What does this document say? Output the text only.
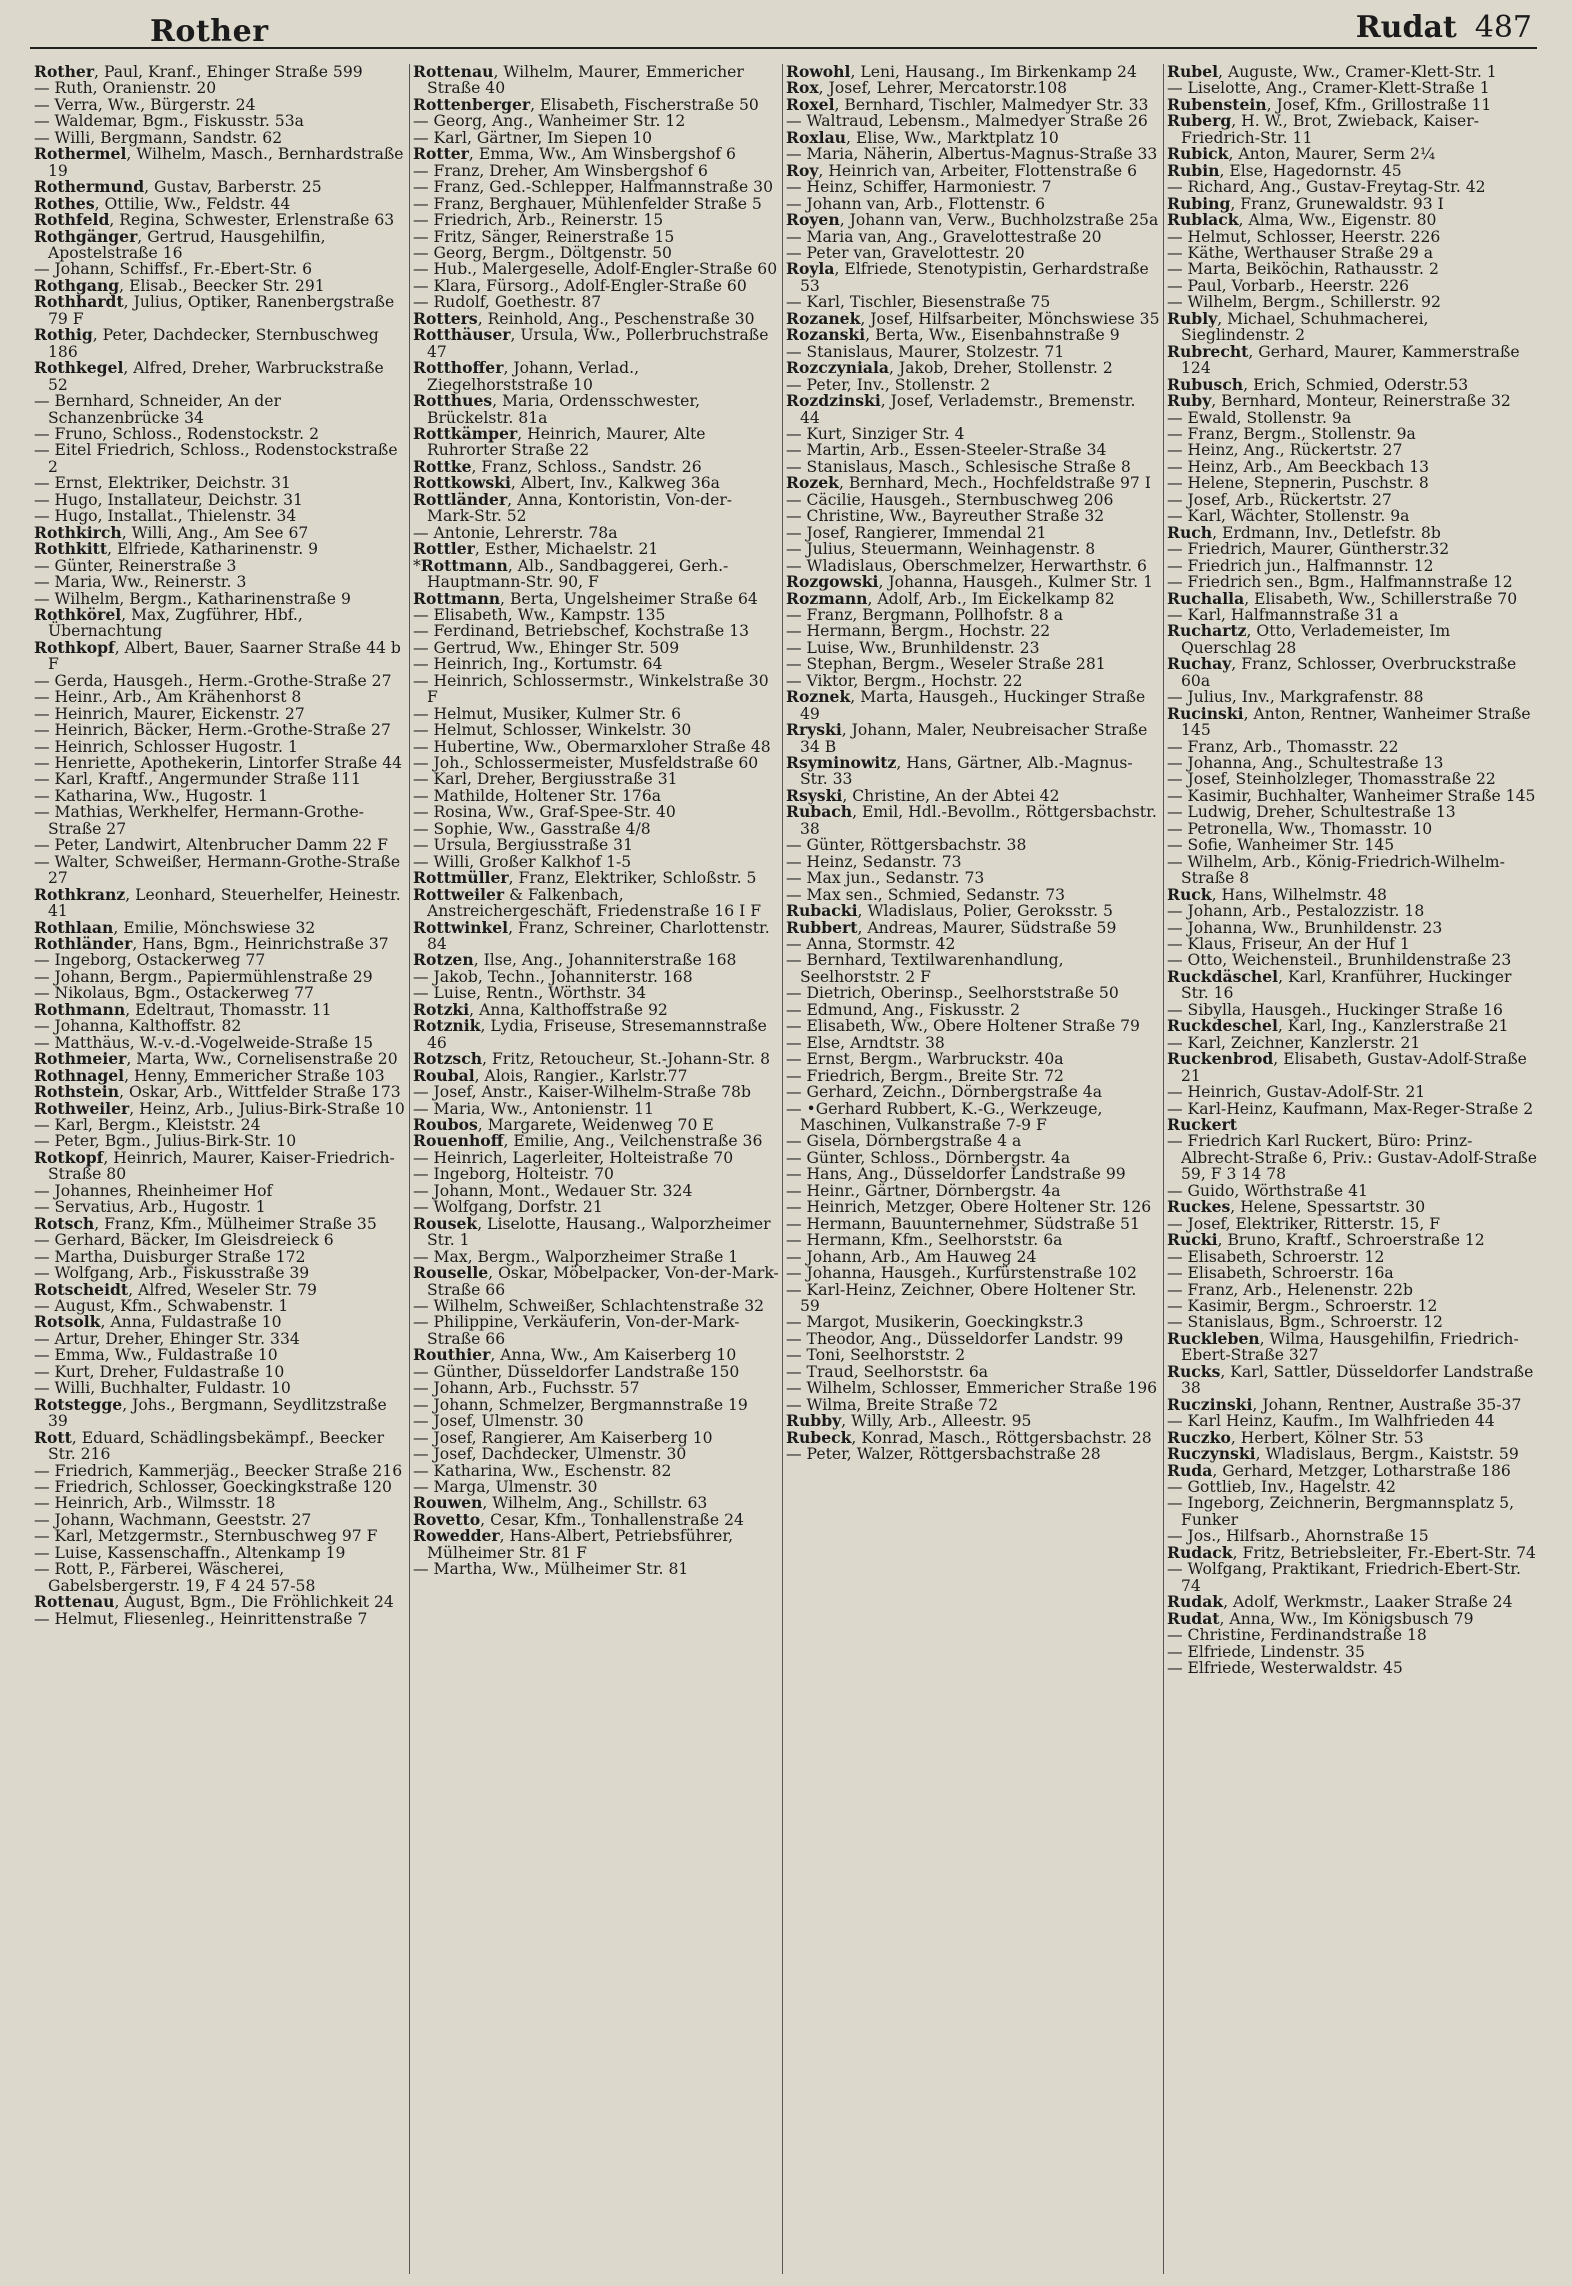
Rother	Rudat 487

Rother, Paul, Kranf., Ehinger Straße 599

— Ruth, Oranienstr. 20

— Verra, Ww., Bürgerstr. 24

— Waldemar, Bgm., Fiskusstr. 53a

— Willi, Bergmann, Sandstr. 62

Rothermel, Wilhelm, Masch., Bernhardstraße 19

Rothermund, Gustav, Barberstr. 25

Rothes, Ottilie, Ww., Feldstr. 44

Rothfeld, Regina, Schwester, Erlenstraße 63

Rothgänger, Gertrud, Hausgehilfin, Apostelstraße 16

— Johann, Schiffsf., Fr.-Ebert-Str. 6

Rothgang, Elisab., Beecker Str. 291

Rothhardt, Julius, Optiker, Ranenbergstraße 79 F

Rothig, Peter, Dachdecker, Sternbuschweg 186

Rothkegel, Alfred, Dreher, Warbruckstraße 52

— Bernhard, Schneider, An der Schanzenbrücke 34

— Fruno, Schloss., Rodenstockstr. 2

— Eitel Friedrich, Schloss., Rodenstockstraße 2

— Ernst, Elektriker, Deichstr. 31

— Hugo, Installateur, Deichstr. 31

— Hugo, Installat., Thielenstr. 34

Rothkirch, Willi, Ang., Am See 67

Rothkitt, Elfriede, Katharinenstr. 9

— Günter, Reinerstraße 3

— Maria, Ww., Reinerstr. 3

— Wilhelm, Bergm., Katharinenstraße 9

Rothkörel, Max, Zugführer, Hbf., Übernachtung

Rothkopf, Albert, Bauer, Saarner Straße 44 b F

— Gerda, Hausgeh., Herm.-Grothe-Straße 27

— Heinr., Arb., Am Krähenhorst 8

— Heinrich, Maurer, Eickenstr. 27

— Heinrich, Bäcker, Herm.-Grothe-Straße 27

— Heinrich, Schlosser Hugostr. 1

— Henriette, Apothekerin, Lintorfer Straße 44

— Karl, Kraftf., Angermunder Straße 111

— Katharina, Ww., Hugostr. 1

— Mathias, Werkhelfer, Hermann-Grothe-Straße 27

— Peter, Landwirt, Altenbrucher Damm 22 F

— Walter, Schweißer, Hermann-Grothe-Straße 27

Rothkranz, Leonhard, Steuerhelfer, Heinestr. 41

Rothlaan, Emilie, Mönchswiese 32

Rothländer, Hans, Bgm., Heinrichstraße 37

— Ingeborg, Ostackerweg 77

— Johann, Bergm., Papiermühlenstraße 29

— Nikolaus, Bgm., Ostackerweg 77

Rothmann, Edeltraut, Thomasstr. 11

— Johanna, Kalthoffstr. 82

— Matthäus, W.-v.-d.-Vogelweide-Straße 15

Rothmeier, Marta, Ww., Cornelisenstraße 20

Rothnagel, Henny, Emmericher Straße 103

Rothstein, Oskar, Arb., Wittfelder Straße 173

Rothweiler, Heinz, Arb., Julius-Birk-Straße 10

— Karl, Bergm., Kleiststr. 24

— Peter, Bgm., Julius-Birk-Str. 10

Rotkopf, Heinrich, Maurer, Kaiser-Friedrich-Straße 80

— Johannes, Rheinheimer Hof

— Servatius, Arb., Hugostr. 1

Rotsch, Franz, Kfm., Mülheimer Straße 35

— Gerhard, Bäcker, Im Gleisdreieck 6

— Martha, Duisburger Straße 172

— Wolfgang, Arb., Fiskusstraße 39

Rotscheidt, Alfred, Weseler Str. 79

— August, Kfm., Schwabenstr. 1

Rotsolk, Anna, Fuldastraße 10

— Artur, Dreher, Ehinger Str. 334

— Emma, Ww., Fuldastraße 10

— Kurt, Dreher, Fuldastraße 10

— Willi, Buchhalter, Fuldastr. 10

Rotstegge, Johs., Bergmann, Seydlitzstraße 39

Rott, Eduard, Schädlingsbekämpf., Beecker Str. 216

— Friedrich, Kammerjäg., Beecker Straße 216

— Friedrich, Schlosser, Goeckingkstraße 120

— Heinrich, Arb., Wilmsstr. 18

— Johann, Wachmann, Geeststr. 27

— Karl, Metzgermstr., Sternbuschweg 97 F

— Luise, Kassenschaffn., Altenkamp 19

— Rott, P., Färberei, Wäscherei, Gabelsbergerstr. 19, F 4 24 57-58

Rottenau, August, Bgm., Die Fröhlichkeit 24

— Helmut, Fliesenleg., Heinrittenstraße 7

Rottenau, Wilhelm, Maurer, Emmericher Straße 40

Rottenberger, Elisabeth, Fischerstraße 50

— Georg, Ang., Wanheimer Str. 12

— Karl, Gärtner, Im Siepen 10

Rotter, Emma, Ww., Am Winsbergshof 6

— Franz, Dreher, Am Winsbergshof 6

— Franz, Ged.-Schlepper, Halfmannstraße 30

— Franz, Berghauer, Mühlenfelder Straße 5

— Friedrich, Arb., Reinerstr. 15

— Fritz, Sänger, Reinerstraße 15

— Georg, Bergm., Döltgenstr. 50

— Hub., Malergeselle, Adolf-Engler-Straße 60

— Klara, Fürsorg., Adolf-Engler-Straße 60

— Rudolf, Goethestr. 87

Rotters, Reinhold, Ang., Peschenstraße 30

Rotthäuser, Ursula, Ww., Pollerbruchstraße 47

Rotthoffer, Johann, Verlad., Ziegelhorststraße 10

Rotthues, Maria, Ordensschwester, Brückelstr. 81a

Rottkämper, Heinrich, Maurer, Alte Ruhrorter Straße 22

Rottke, Franz, Schloss., Sandstr. 26

Rottkowski, Albert, Inv., Kalkweg 36a

Rottländer, Anna, Kontoristin, Von-der-Mark-Str. 52

— Antonie, Lehrerstr. 78a

Rottler, Esther, Michaelstr. 21

*Rottmann, Alb., Sandbaggerei, Gerh.-Hauptmann-Str. 90, F

Rottmann, Berta, Ungelsheimer Straße 64

— Elisabeth, Ww., Kampstr. 135

— Ferdinand, Betriebschef, Kochstraße 13

— Gertrud, Ww., Ehinger Str. 509

— Heinrich, Ing., Kortumstr. 64

— Heinrich, Schlossermstr., Winkelstraße 30 F

— Helmut, Musiker, Kulmer Str. 6

— Helmut, Schlosser, Winkelstr. 30

— Hubertine, Ww., Obermarxloher Straße 48

— Joh., Schlossermeister, Musfeldstraße 60

— Karl, Dreher, Bergiusstraße 31

— Mathilde, Holtener Str. 176a

— Rosina, Ww., Graf-Spee-Str. 40

— Sophie, Ww., Gasstraße 4/8

— Ursula, Bergiusstraße 31

— Willi, Großer Kalkhof 1-5

Rottmüller, Franz, Elektriker, Schloßstr. 5

Rottweiler & Falkenbach, Anstreichergeschäft, Friedenstraße 16 I F

Rottwinkel, Franz, Schreiner, Charlottenstr. 84

Rotzen, Ilse, Ang., Johanniterstraße 168

— Jakob, Techn., Johanniterstr. 168

— Luise, Rentn., Wörthstr. 34

Rotzki, Anna, Kalthoffstraße 92

Rotznik, Lydia, Friseuse, Stresemannstraße 46

Rotzsch, Fritz, Retoucheur, St.-Johann-Str. 8

Roubal, Alois, Rangier., Karlstr.77

— Josef, Anstr., Kaiser-Wilhelm-Straße 78b

— Maria, Ww., Antonienstr. 11

Roubos, Margarete, Weidenweg 70 E

Rouenhoff, Emilie, Ang., Veilchenstraße 36

— Heinrich, Lagerleiter, Holteistraße 70

— Ingeborg, Holteistr. 70

— Johann, Mont., Wedauer Str. 324

— Wolfgang, Dorfstr. 21

Rousek, Liselotte, Hausang., Walporzheimer Str. 1

— Max, Bergm., Walporzheimer Straße 1

Rouselle, Oskar, Möbelpacker, Von-der-Mark-Straße 66

— Wilhelm, Schweißer, Schlachtenstraße 32

— Philippine, Verkäuferin, Von-der-Mark-Straße 66

Routhier, Anna, Ww., Am Kaiserberg 10

— Günther, Düsseldorfer Landstraße 150

— Johann, Arb., Fuchsstr. 57

— Johann, Schmelzer, Bergmannstraße 19

— Josef, Ulmenstr. 30

— Josef, Rangierer, Am Kaiserberg 10

— Josef, Dachdecker, Ulmenstr. 30

— Katharina, Ww., Eschenstr. 82

— Marga, Ulmenstr. 30

Rouwen, Wilhelm, Ang., Schillstr. 63

Rovetto, Cesar, Kfm., Tonhallenstraße 24

Rowedder, Hans-Albert, Petriebsführer, Mülheimer Str. 81 F

— Martha, Ww., Mülheimer Str. 81

Rowohl, Leni, Hausang., Im Birkenkamp 24

Rox, Josef, Lehrer, Mercatorstr.108

Roxel, Bernhard, Tischler, Malmedyer Str. 33

— Waltraud, Lebensm., Malmedyer Straße 26

Roxlau, Elise, Ww., Marktplatz 10

— Maria, Näherin, Albertus-Magnus-Straße 33

Roy, Heinrich van, Arbeiter, Flottenstraße 6

— Heinz, Schiffer, Harmoniestr. 7

— Johann van, Arb., Flottenstr. 6

Royen, Johann van, Verw., Buchholzstraße 25a

— Maria van, Ang., Gravelottestraße 20

— Peter van, Gravelottestr. 20

Royla, Elfriede, Stenotypistin, Gerhardstraße 53

— Karl, Tischler, Biesenstraße 75

Rozanek, Josef, Hilfsarbeiter, Mönchswiese 35

Rozanski, Berta, Ww., Eisenbahnstraße 9

— Stanislaus, Maurer, Stolzestr. 71

Rozczyniala, Jakob, Dreher, Stollenstr. 2

— Peter, Inv., Stollenstr. 2

Rozdzinski, Josef, Verlademstr., Bremenstr. 44

— Kurt, Sinziger Str. 4

— Martin, Arb., Essen-Steeler-Straße 34

— Stanislaus, Masch., Schlesische Straße 8

Rozek, Bernhard, Mech., Hochfeldstraße 97 I

— Cäcilie, Hausgeh., Sternbuschweg 206

— Christine, Ww., Bayreuther Straße 32

— Josef, Rangierer, Immendal 21

— Julius, Steuermann, Weinhagenstr. 8

— Wladislaus, Oberschmelzer, Herwarthstr. 6

Rozgowski, Johanna, Hausgeh., Kulmer Str. 1

Rozmann, Adolf, Arb., Im Eickelkamp 82

— Franz, Bergmann, Pollhofstr. 8 a

— Hermann, Bergm., Hochstr. 22

— Luise, Ww., Brunhildenstr. 23

— Stephan, Bergm., Weseler Straße 281

— Viktor, Bergm., Hochstr. 22

Roznek, Marta, Hausgeh., Huckinger Straße 49

Rryski, Johann, Maler, Neubreisacher Straße 34 B

Rsyminowitz, Hans, Gärtner, Alb.-Magnus-Str. 33

Rsyski, Christine, An der Abtei 42

Rubach, Emil, Hdl.-Bevollm., Röttgersbachstr. 38

— Günter, Röttgersbachstr. 38

— Heinz, Sedanstr. 73

— Max jun., Sedanstr. 73

— Max sen., Schmied, Sedanstr. 73

Rubacki, Wladislaus, Polier, Geroksstr. 5

Rubbert, Andreas, Maurer, Südstraße 59

— Anna, Stormstr. 42

— Bernhard, Textilwarenhandlung, Seelhorststr. 2 F

— Dietrich, Oberinsp., Seelhorststraße 50

— Edmund, Ang., Fiskusstr. 2

— Elisabeth, Ww., Obere Holtener Straße 79

— Else, Arndtstr. 38

— Ernst, Bergm., Warbruckstr. 40a

— Friedrich, Bergm., Breite Str. 72

— Gerhard, Zeichn., Dörnbergstraße 4a

— •Gerhard Rubbert, K.-G., Werkzeuge, Maschinen, Vulkanstraße 7-9 F

— Gisela, Dörnbergstraße 4 a

— Günter, Schloss., Dörnbergstr. 4a

— Hans, Ang., Düsseldorfer Landstraße 99

— Heinr., Gärtner, Dörnbergstr. 4a

— Heinrich, Metzger, Obere Holtener Str. 126

— Hermann, Bauunternehmer, Südstraße 51

— Hermann, Kfm., Seelhorststr. 6a

— Johann, Arb., Am Hauweg 24

— Johanna, Hausgeh., Kurfürstenstraße 102

— Karl-Heinz, Zeichner, Obere Holtener Str. 59

— Margot, Musikerin, Goeckingkstr.3

— Theodor, Ang., Düsseldorfer Landstr. 99

— Toni, Seelhorststr. 2

— Traud, Seelhorststr. 6a

— Wilhelm, Schlosser, Emmericher Straße 196

— Wilma, Breite Straße 72

Rubby, Willy, Arb., Alleestr. 95

Rubeck, Konrad, Masch., Röttgersbachstr. 28

— Peter, Walzer, Röttgersbachstraße 28

Rubel, Auguste, Ww., Cramer-Klett-Str. 1

— Liselotte, Ang., Cramer-Klett-Straße 1

Rubenstein, Josef, Kfm., Grillostraße 11

Ruberg, H. W., Brot, Zwieback, Kaiser-Friedrich-Str. 11

Rubick, Anton, Maurer, Serm 2¼

Rubin, Else, Hagedornstr. 45

— Richard, Ang., Gustav-Freytag-Str. 42

Rubing, Franz, Grunewaldstr. 93 I

Rublack, Alma, Ww., Eigenstr. 80

— Helmut, Schlosser, Heerstr. 226

— Käthe, Werthauser Straße 29 a

— Marta, Beiköchin, Rathausstr. 2

— Paul, Vorbarb., Heerstr. 226

— Wilhelm, Bergm., Schillerstr. 92

Rubly, Michael, Schuhmacherei, Sieglindenstr. 2

Rubrecht, Gerhard, Maurer, Kammerstraße 124

Rubusch, Erich, Schmied, Oderstr.53

Ruby, Bernhard, Monteur, Reinerstraße 32

— Ewald, Stollenstr. 9a

— Franz, Bergm., Stollenstr. 9a

— Heinz, Ang., Rückertstr. 27

— Heinz, Arb., Am Beeckbach 13

— Helene, Stepnerin, Puschstr. 8

— Josef, Arb., Rückertstr. 27

— Karl, Wächter, Stollenstr. 9a

Ruch, Erdmann, Inv., Detlefstr. 8b

— Friedrich, Maurer, Güntherstr.32

— Friedrich jun., Halfmannstr. 12

— Friedrich sen., Bgm., Halfmannstraße 12

Ruchalla, Elisabeth, Ww., Schillerstraße 70

— Karl, Halfmannstraße 31 a

Ruchartz, Otto, Verlademeister, Im Querschlag 28

Ruchay, Franz, Schlosser, Overbruckstraße 60a

— Julius, Inv., Markgrafenstr. 88

Rucinski, Anton, Rentner, Wanheimer Straße 145

— Franz, Arb., Thomasstr. 22

— Johanna, Ang., Schultestraße 13

— Josef, Steinholzleger, Thomasstraße 22

— Kasimir, Buchhalter, Wanheimer Straße 145

— Ludwig, Dreher, Schultestraße 13

— Petronella, Ww., Thomasstr. 10

— Sofie, Wanheimer Str. 145

— Wilhelm, Arb., König-Friedrich-Wilhelm-Straße 8

Ruck, Hans, Wilhelmstr. 48

— Johann, Arb., Pestalozzistr. 18

— Johanna, Ww., Brunhildenstr. 23

— Klaus, Friseur, An der Huf 1

— Otto, Weichensteil., Brunhildenstraße 23

Ruckdäschel, Karl, Kranführer, Huckinger Str. 16

— Sibylla, Hausgeh., Huckinger Straße 16

Ruckdeschel, Karl, Ing., Kanzlerstraße 21

— Karl, Zeichner, Kanzlerstr. 21

Ruckenbrod, Elisabeth, Gustav-Adolf-Straße 21

— Heinrich, Gustav-Adolf-Str. 21

— Karl-Heinz, Kaufmann, Max-Reger-Straße 2

Ruckert

— Friedrich Karl Ruckert, Büro: Prinz-Albrecht-Straße 6, Priv.: Gustav-Adolf-Straße 59, F 3 14 78

— Guido, Wörthstraße 41

Ruckes, Helene, Spessartstr. 30

— Josef, Elektriker, Ritterstr. 15, F

Rucki, Bruno, Kraftf., Schroerstraße 12

— Elisabeth, Schroerstr. 12

— Elisabeth, Schroerstr. 16a

— Franz, Arb., Helenenstr. 22b

— Kasimir, Bergm., Schroerstr. 12

— Stanislaus, Bgm., Schroerstr. 12

Ruckleben, Wilma, Hausgehilfin, Friedrich-Ebert-Straße 327

Rucks, Karl, Sattler, Düsseldorfer Landstraße 38

Ruczinski, Johann, Rentner, Austraße 35-37

— Karl Heinz, Kaufm., Im Walhfrieden 44

Ruczko, Herbert, Kölner Str. 53

Ruczynski, Wladislaus, Bergm., Kaiststr. 59

Ruda, Gerhard, Metzger, Lotharstraße 186

— Gottlieb, Inv., Hagelstr. 42

— Ingeborg, Zeichnerin, Bergmannsplatz 5, Funker

— Jos., Hilfsarb., Ahornstraße 15

Rudack, Fritz, Betriebsleiter, Fr.-Ebert-Str. 74

— Wolfgang, Praktikant, Friedrich-Ebert-Str. 74

Rudak, Adolf, Werkmstr., Laaker Straße 24

Rudat, Anna, Ww., Im Königsbusch 79

— Christine, Ferdinandstraße 18

— Elfriede, Lindenstr. 35

— Elfriede, Westerwaldstr. 45
